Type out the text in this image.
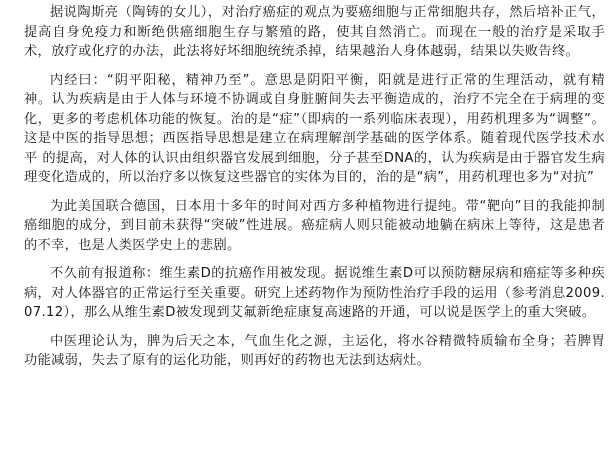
据说陶斯亮（陶铸的女儿），对治疗癌症的观点为要癌细胞与正常细胞共存，然后培补正气，提高自身免疫力和断绝供癌细胞生存与繁殖的路，使其自然消亡。而现在一般的治疗是采取手术，放疗或化疗的办法，此法将好坏细胞统统杀掉，结果越治人身体越弱，结果以失败告终。

内经曰：“阴平阳秘，精神乃至”。意思是阴阳平衡，阳就是进行正常的生理活动，就有精神。认为疾病是由于人体与环境不协调或自身脏腑间失去平衡造成的，治疗不完全在于病理的变化，更多的考虑机体功能的恢复。治的是“症”（即病的一系列临床表现），用药机理多为“调整”。这是中医的指导思想；西医指导思想是建立在病理解剖学基础的医学体系。随着现代医学技术水平 的提高，对人体的认识由组织器官发展到细胞，分子甚至DNA的，认为疾病是由于器官发生病理变化造成的，所以治疗多以恢复这些器官的实体为目的，治的是“病”，用药机理也多为“对抗”

为此美国联合德国，日本用十多年的时间对西方多种植物进行提纯。带“靶向”目的我能抑制癌细胞的成分，到目前未获得“突破”性进展。癌症病人则只能被动地躺在病床上等待，这是患者的不幸，也是人类医学史上的悲剧。

不久前有报道称：维生素D的抗癌作用被发现。据说维生素D可以预防糖尿病和癌症等多种疾病，对人体器官的正常运行至关重要。研究上述药物作为预防性治疗手段的运用（参考消息2009.07.12），那么从维生素D被发现到艾氟新绝症康复高速路的开通，可以说是医学上的重大突破。

中医理论认为，脾为后天之本，气血生化之源，主运化，将水谷精微特质输布全身；若脾胃功能减弱，失去了原有的运化功能，则再好的药物也无法到达病灶。
